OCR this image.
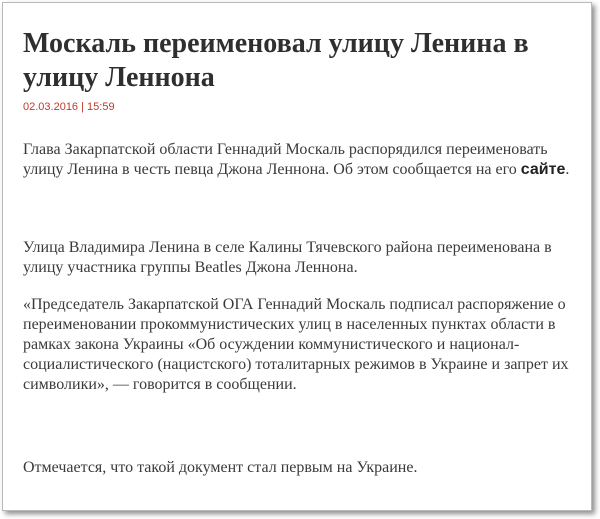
Москаль переименовал улицу Ленина в улицу Леннона
02.03.2016 | 15:59

Глава Закарпатской области Геннадий Москаль распорядился переименовать улицу Ленина в честь певца Джона Леннона. Об этом сообщается на его сайте.

Улица Владимира Ленина в селе Калины Тячевского района переименована в улицу участника группы Beatles Джона Леннона.

«Председатель Закарпатской ОГА Геннадий Москаль подписал распоряжение о переименовании прокоммунистических улиц в населенных пунктах области в рамках закона Украины «Об осуждении коммунистического и национал-социалистического (нацистского) тоталитарных режимов в Украине и запрет их символики», — говорится в сообщении.

Отмечается, что такой документ стал первым на Украине.
